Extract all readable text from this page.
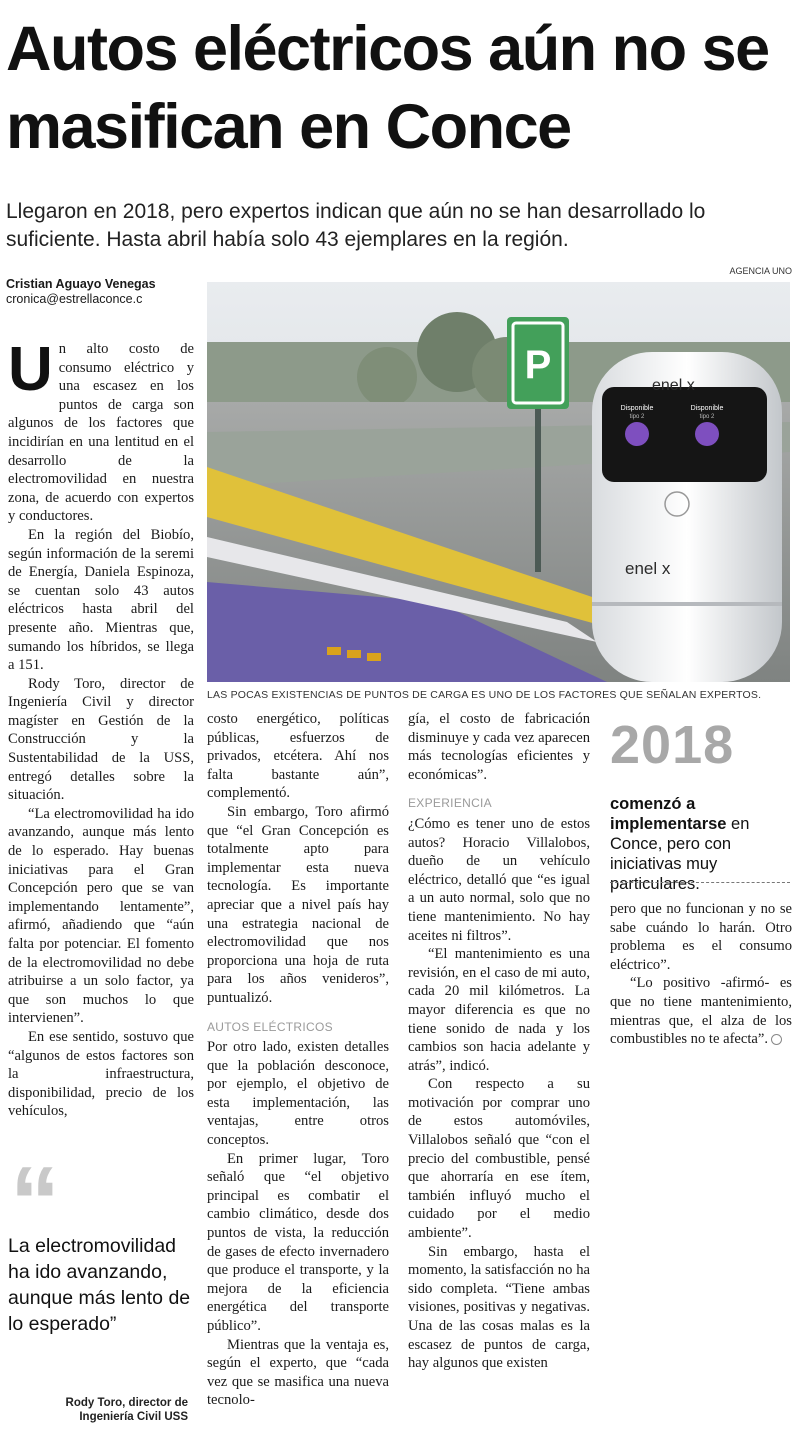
Autos eléctricos aún no se masifican en Conce
Llegaron en 2018, pero expertos indican que aún no se han desarrollado lo suficiente. Hasta abril había solo 43 ejemplares en la región.
Cristian Aguayo Venegas
cronica@estrellaconce.c
AGENCIA UNO
P	enel x
Disponible
tipo 2
Disponible
tipo 2
enel x
LAS POCAS EXISTENCIAS DE PUNTOS DE CARGA ES UNO DE LOS FACTORES QUE SEÑALAN EXPERTOS.

Un alto costo de consumo eléctrico y una escasez en los puntos de carga son algunos de los factores que incidirían en una lentitud en el desarrollo de la electromovilidad en nuestra zona, de acuerdo con expertos y conductores.

En la región del Biobío, según información de la seremi de Energía, Daniela Espinoza, se cuentan solo 43 autos eléctricos hasta abril del presente año. Mientras que, sumando los híbridos, se llega a 151.

Rody Toro, director de Ingeniería Civil y director magíster en Gestión de la Construcción y la Sustentabilidad de la USS, entregó detalles sobre la situación.

“La electromovilidad ha ido avanzando, aunque más lento de lo esperado. Hay buenas iniciativas para el Gran Concepción pero que se van implementando lentamente”, afirmó, añadiendo que “aún falta por potenciar. El fomento de la electromovilidad no debe atribuirse a un solo factor, ya que son muchos lo que intervienen”.

En ese sentido, sostuvo que “algunos de estos factores son la infraestructura, disponibilidad, precio de los vehículos,

“
La electromovilidad ha ido avanzando, aunque más lento de lo esperado”
Rody Toro, director de
Ingeniería Civil USS

costo energético, políticas públicas, esfuerzos de privados, etcétera. Ahí nos falta bastante aún”, complementó.

Sin embargo, Toro afirmó que “el Gran Concepción es totalmente apto para implementar esta nueva tecnología. Es importante apreciar que a nivel país hay una estrategia nacional de electromovilidad que nos proporciona una hoja de ruta para los años venideros”, puntualizó.

AUTOS ELÉCTRICOS

Por otro lado, existen detalles que la población desconoce, por ejemplo, el objetivo de esta implementación, las ventajas, entre otros conceptos.

En primer lugar, Toro señaló que “el objetivo principal es combatir el cambio climático, desde dos puntos de vista, la reducción de gases de efecto invernadero que produce el transporte, y la mejora de la eficiencia energética del transporte público”.

Mientras que la ventaja es, según el experto, que “cada vez que se masifica una nueva tecnolo-

gía, el costo de fabricación disminuye y cada vez aparecen más tecnologías eficientes y económicas”.

EXPERIENCIA

¿Cómo es tener uno de estos autos? Horacio Villalobos, dueño de un vehículo eléctrico, detalló que “es igual a un auto normal, solo que no tiene mantenimiento. No hay aceites ni filtros”.

“El mantenimiento es una revisión, en el caso de mi auto, cada 20 mil kilómetros. La mayor diferencia es que no tiene sonido de nada y los cambios son hacia adelante y atrás”, indicó.

Con respecto a su motivación por comprar uno de estos automóviles, Villalobos señaló que “con el precio del combustible, pensé que ahorraría en ese ítem, también influyó mucho el cuidado por el medio ambiente”.

Sin embargo, hasta el momento, la satisfacción no ha sido completa. “Tiene ambas visiones, positivas y negativas. Una de las cosas malas es la escasez de puntos de carga, hay algunos que existen

2018
comenzó a implementarse en Conce, pero con iniciativas muy particulares.

pero que no funcionan y no se sabe cuándo lo harán. Otro problema es el consumo eléctrico”.

“Lo positivo -afirmó- es que no tiene mantenimiento, mientras que, el alza de los combustibles no te afecta”.
